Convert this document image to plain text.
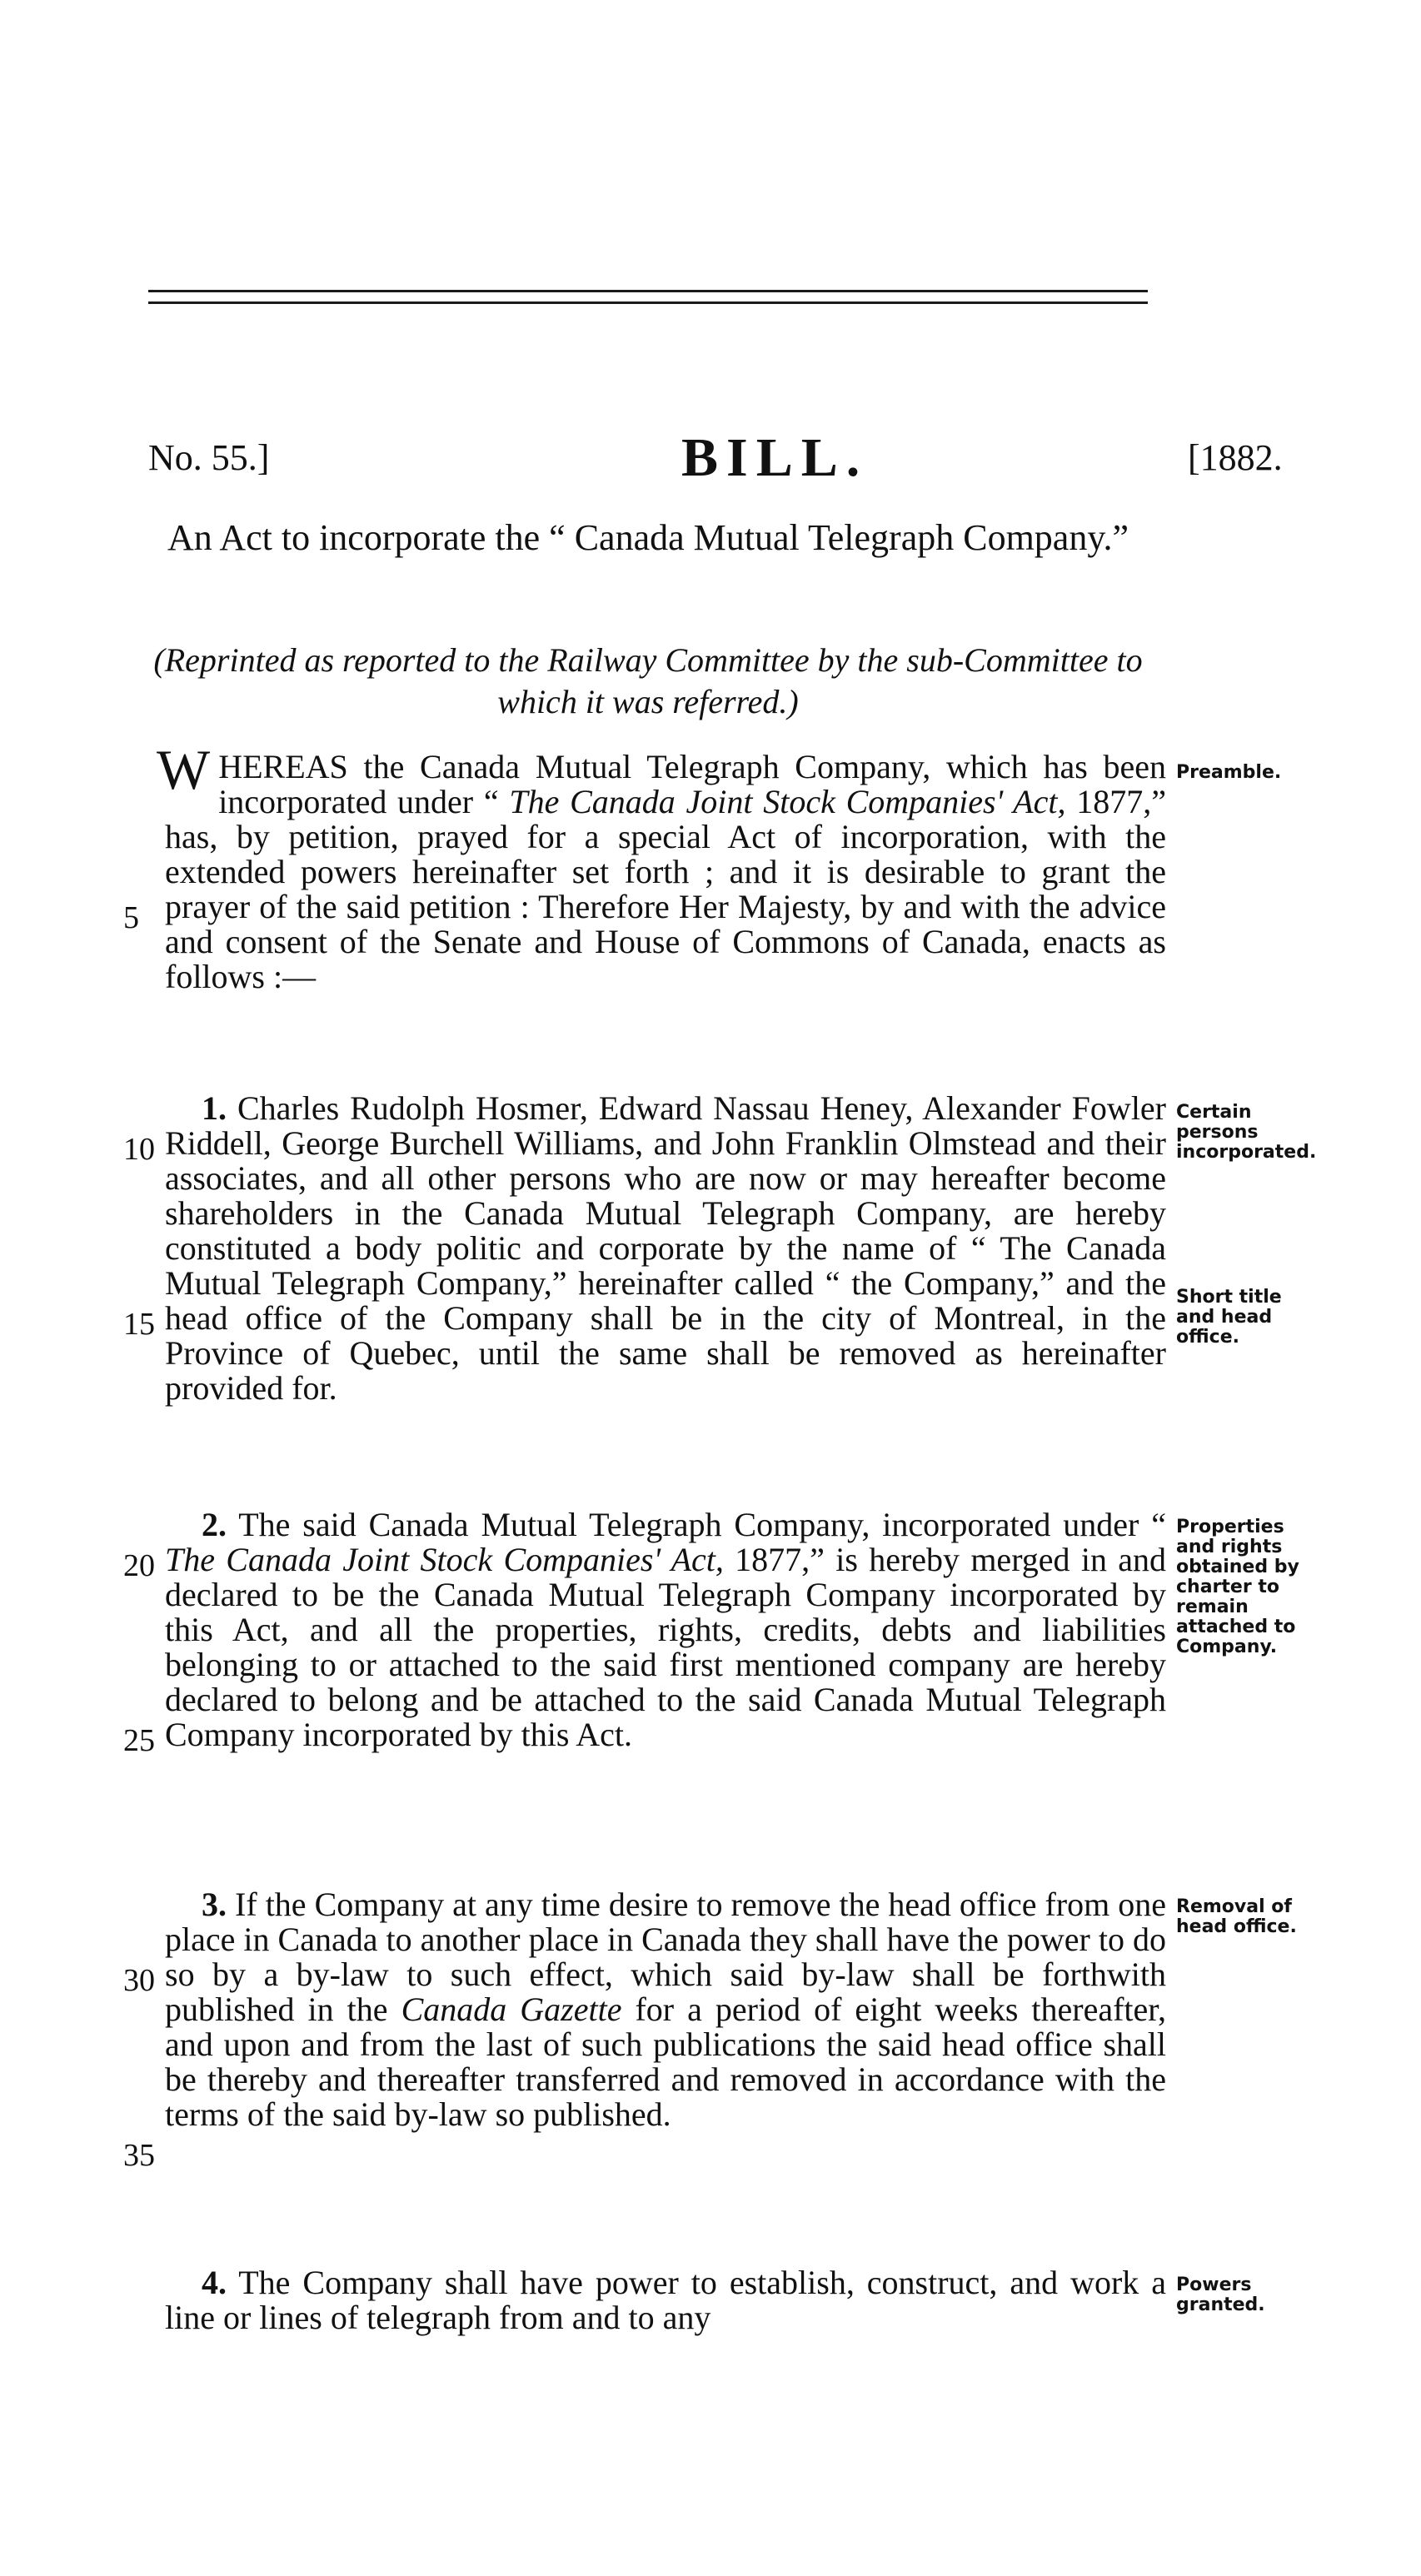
No. 55.]	BILL.	[1882.
An Act to incorporate the “ Canada Mutual Telegraph Company.”
(Reprinted as reported to the Railway Committee by the sub-Committee to which it was referred.)

WHEREAS the Canada Mutual Telegraph Company, which has been incorporated under “ The Canada Joint Stock Companies' Act, 1877,” has, by petition, prayed for a special Act of incorporation, with the extended powers hereinafter set forth ; and it is desirable to grant the prayer of the said petition : Therefore Her Majesty, by and with the advice and consent of the Senate and House of Commons of Canada, enacts as follows :—

1. Charles Rudolph Hosmer, Edward Nassau Heney, Alexander Fowler Riddell, George Burchell Williams, and John Franklin Olmstead and their associates, and all other persons who are now or may hereafter become shareholders in the Canada Mutual Telegraph Company, are hereby constituted a body politic and corporate by the name of “ The Canada Mutual Telegraph Company,” hereinafter called “ the Company,” and the head office of the Company shall be in the city of Montreal, in the Province of Quebec, until the same shall be removed as hereinafter provided for.

2. The said Canada Mutual Telegraph Company, incorporated under “ The Canada Joint Stock Companies' Act, 1877,” is hereby merged in and declared to be the Canada Mutual Telegraph Company incorporated by this Act, and all the properties, rights, credits, debts and liabilities belonging to or attached to the said first mentioned company are hereby declared to belong and be attached to the said Canada Mutual Telegraph Company incorporated by this Act.

3. If the Company at any time desire to remove the head office from one place in Canada to another place in Canada they shall have the power to do so by a by-law to such effect, which said by-law shall be forthwith published in the Canada Gazette for a period of eight weeks thereafter, and upon and from the last of such publications the said head office shall be thereby and thereafter transferred and removed in accordance with the terms of the said by-law so published.

4. The Company shall have power to establish, construct, and work a line or lines of telegraph from and to any

5
10
15
20
25
30
35
Preamble.
Certain persons incorporated.
Short title and head office.
Properties and rights obtained by charter to remain attached to Company.
Removal of head office.
Powers granted.
